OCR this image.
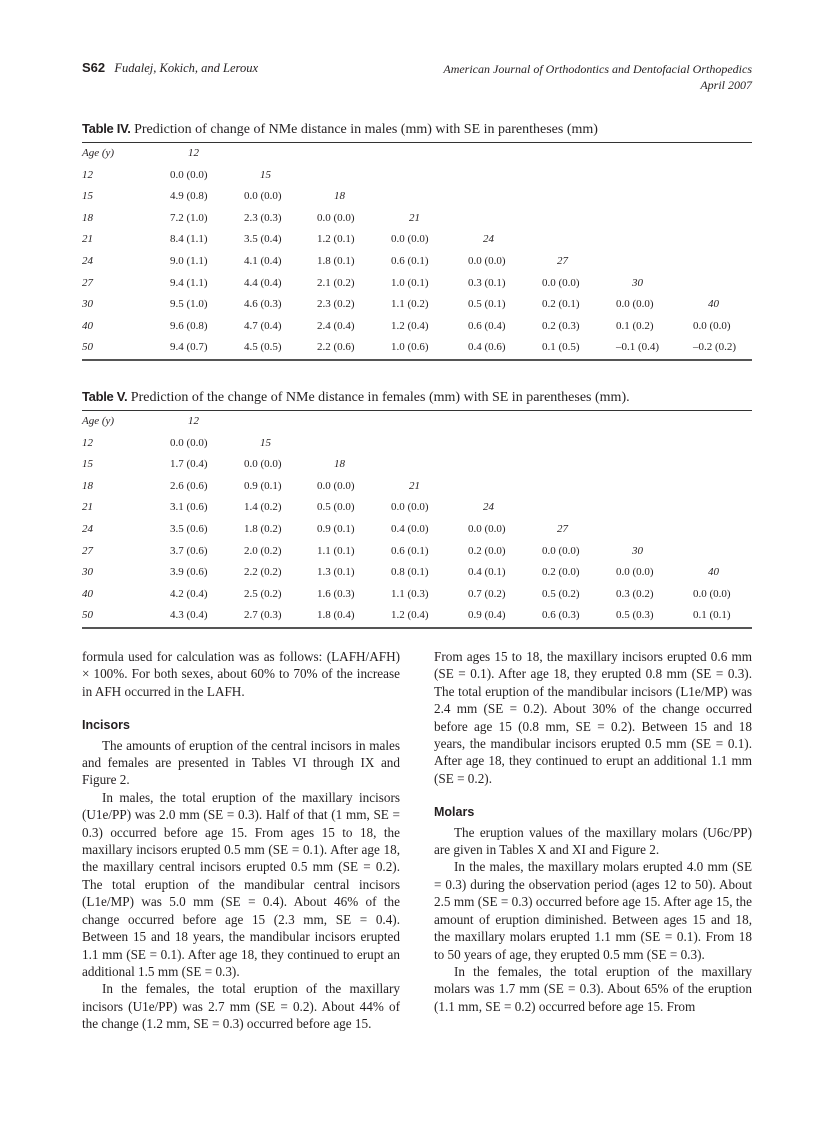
S62 Fudalej, Kokich, and Leroux	American Journal of Orthodontics and Dentofacial Orthopedics
April 2007
Table IV. Prediction of change of NMe distance in males (mm) with SE in parentheses (mm)
Age (y)	12
12	0.0 (0.0)	15
15	4.9 (0.8)	0.0 (0.0)	18
18	7.2 (1.0)	2.3 (0.3)	0.0 (0.0)	21
21	8.4 (1.1)	3.5 (0.4)	1.2 (0.1)	0.0 (0.0)	24
24	9.0 (1.1)	4.1 (0.4)	1.8 (0.1)	0.6 (0.1)	0.0 (0.0)	27
27	9.4 (1.1)	4.4 (0.4)	2.1 (0.2)	1.0 (0.1)	0.3 (0.1)	0.0 (0.0)	30
30	9.5 (1.0)	4.6 (0.3)	2.3 (0.2)	1.1 (0.2)	0.5 (0.1)	0.2 (0.1)	0.0 (0.0)	40
40	9.6 (0.8)	4.7 (0.4)	2.4 (0.4)	1.2 (0.4)	0.6 (0.4)	0.2 (0.3)	0.1 (0.2)	0.0 (0.0)
50	9.4 (0.7)	4.5 (0.5)	2.2 (0.6)	1.0 (0.6)	0.4 (0.6)	0.1 (0.5)	–0.1 (0.4)	–0.2 (0.2)
Table V. Prediction of the change of NMe distance in females (mm) with SE in parentheses (mm).
Age (y)	12
12	0.0 (0.0)	15
15	1.7 (0.4)	0.0 (0.0)	18
18	2.6 (0.6)	0.9 (0.1)	0.0 (0.0)	21
21	3.1 (0.6)	1.4 (0.2)	0.5 (0.0)	0.0 (0.0)	24
24	3.5 (0.6)	1.8 (0.2)	0.9 (0.1)	0.4 (0.0)	0.0 (0.0)	27
27	3.7 (0.6)	2.0 (0.2)	1.1 (0.1)	0.6 (0.1)	0.2 (0.0)	0.0 (0.0)	30
30	3.9 (0.6)	2.2 (0.2)	1.3 (0.1)	0.8 (0.1)	0.4 (0.1)	0.2 (0.0)	0.0 (0.0)	40
40	4.2 (0.4)	2.5 (0.2)	1.6 (0.3)	1.1 (0.3)	0.7 (0.2)	0.5 (0.2)	0.3 (0.2)	0.0 (0.0)
50	4.3 (0.4)	2.7 (0.3)	1.8 (0.4)	1.2 (0.4)	0.9 (0.4)	0.6 (0.3)	0.5 (0.3)	0.1 (0.1)

formula used for calculation was as follows: (LAFH/AFH) × 100%. For both sexes, about 60% to 70% of the increase in AFH occurred in the LAFH.

Incisors

The amounts of eruption of the central incisors in males and females are presented in Tables VI through IX and Figure 2.

In males, the total eruption of the maxillary incisors (U1e/PP) was 2.0 mm (SE = 0.3). Half of that (1 mm, SE = 0.3) occurred before age 15. From ages 15 to 18, the maxillary incisors erupted 0.5 mm (SE = 0.1). After age 18, the maxillary central incisors erupted 0.5 mm (SE = 0.2). The total eruption of the mandibular central incisors (L1e/MP) was 5.0 mm (SE = 0.4). About 46% of the change occurred before age 15 (2.3 mm, SE = 0.4). Between 15 and 18 years, the mandibular incisors erupted 1.1 mm (SE = 0.1). After age 18, they continued to erupt an additional 1.5 mm (SE = 0.3).

In the females, the total eruption of the maxillary incisors (U1e/PP) was 2.7 mm (SE = 0.2). About 44% of the change (1.2 mm, SE = 0.3) occurred before age 15.

From ages 15 to 18, the maxillary incisors erupted 0.6 mm (SE = 0.1). After age 18, they erupted 0.8 mm (SE = 0.3). The total eruption of the mandibular incisors (L1e/MP) was 2.4 mm (SE = 0.2). About 30% of the change occurred before age 15 (0.8 mm, SE = 0.2). Between 15 and 18 years, the mandibular incisors erupted 0.5 mm (SE = 0.1). After age 18, they continued to erupt an additional 1.1 mm (SE = 0.2).

Molars

The eruption values of the maxillary molars (U6c/PP) are given in Tables X and XI and Figure 2.

In the males, the maxillary molars erupted 4.0 mm (SE = 0.3) during the observation period (ages 12 to 50). About 2.5 mm (SE = 0.3) occurred before age 15. After age 15, the amount of eruption diminished. Between ages 15 and 18, the maxillary molars erupted 1.1 mm (SE = 0.1). From 18 to 50 years of age, they erupted 0.5 mm (SE = 0.3).

In the females, the total eruption of the maxillary molars was 1.7 mm (SE = 0.3). About 65% of the eruption (1.1 mm, SE = 0.2) occurred before age 15. From
